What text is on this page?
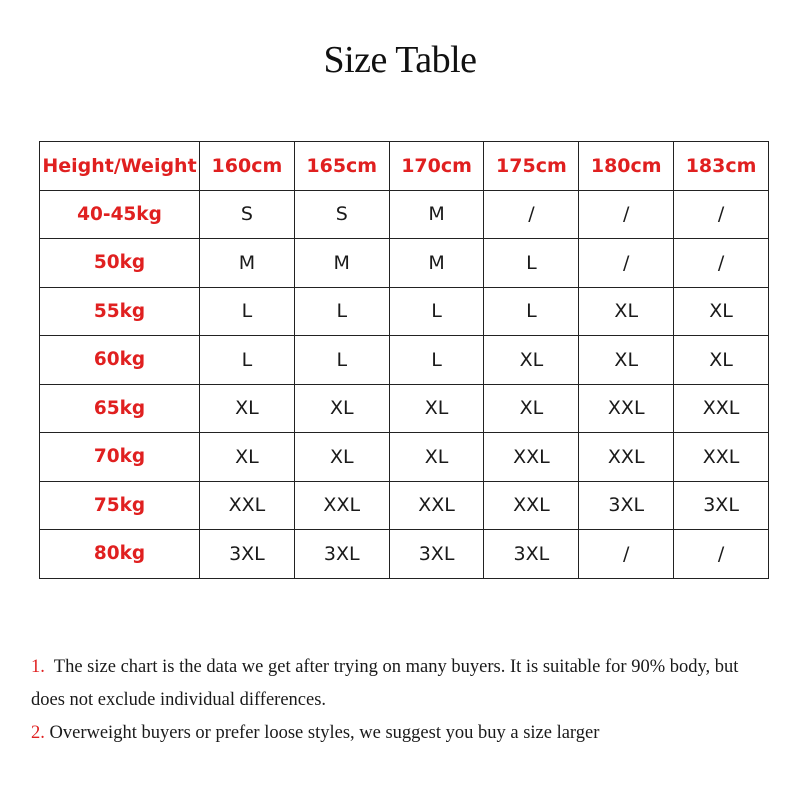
Size Table
Height/Weight	160cm	165cm	170cm	175cm	180cm	183cm
40-45kg	S	S	M	/	/	/
50kg	M	M	M	L	/	/
55kg	L	L	L	L	XL	XL
60kg	L	L	L	XL	XL	XL
65kg	XL	XL	XL	XL	XXL	XXL
70kg	XL	XL	XL	XXL	XXL	XXL
75kg	XXL	XXL	XXL	XXL	3XL	3XL
80kg	3XL	3XL	3XL	3XL	/	/

1.  The size chart is the data we get after trying on many buyers. It is suitable for 90% body, but does not exclude individual differences.

2. Overweight buyers or prefer loose styles, we suggest you buy a size larger
